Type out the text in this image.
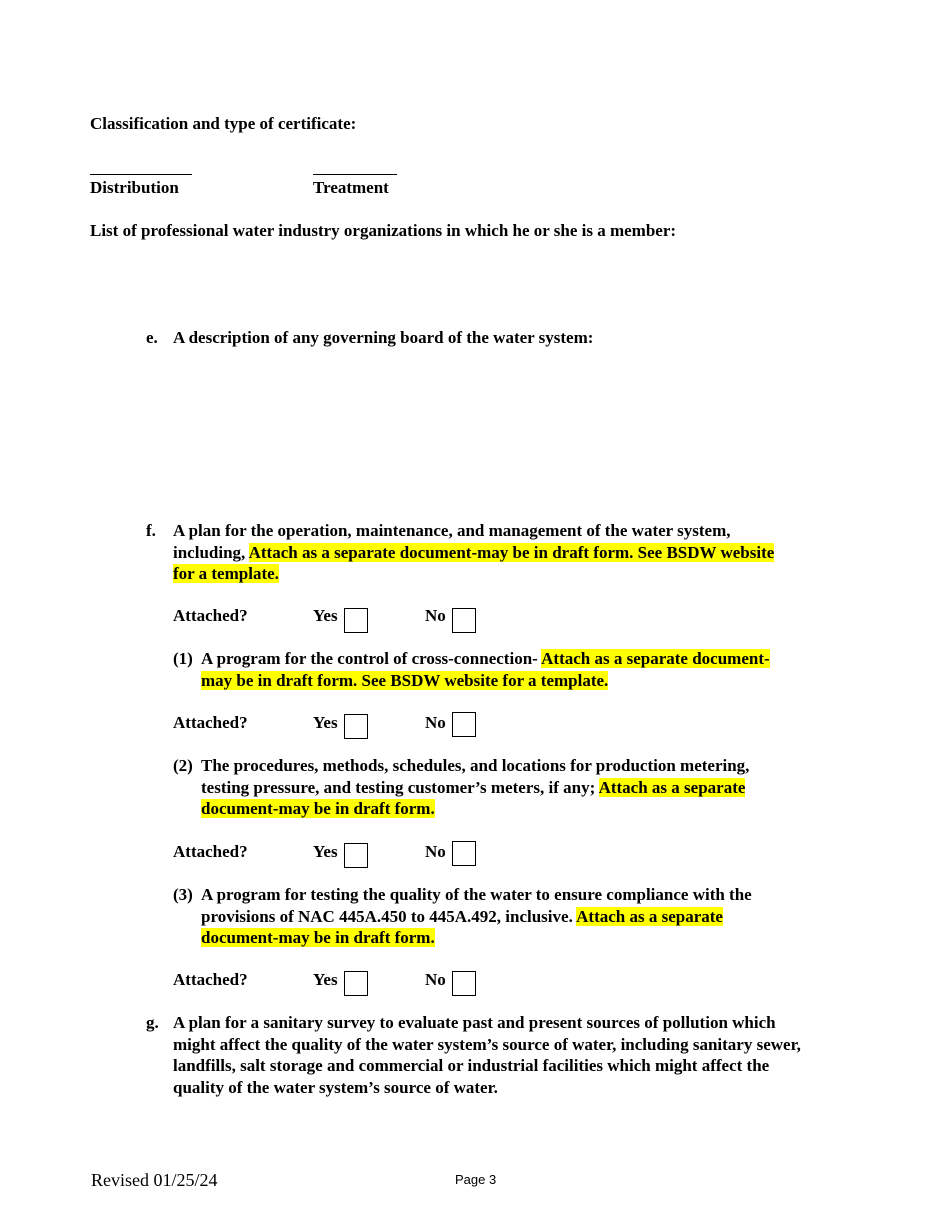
Classification and type of certificate:
Distribution	Treatment
List of professional water industry organizations in which he or she is a member:
e. A description of any governing board of the water system:
f. A plan for the operation, maintenance, and management of the water system, including, Attach as a separate document-may be in draft form. See BSDW website for a template.
Attached?	Yes	No
(1) A program for the control of cross-connection- Attach as a separate document-may be in draft form. See BSDW website for a template.
Attached?	Yes	No
(2) The procedures, methods, schedules, and locations for production metering, testing pressure, and testing customer’s meters, if any; Attach as a separate document-may be in draft form.
Attached?	Yes	No
(3) A program for testing the quality of the water to ensure compliance with the provisions of NAC 445A.450 to 445A.492, inclusive. Attach as a separate document-may be in draft form.
Attached?	Yes	No
g. A plan for a sanitary survey to evaluate past and present sources of pollution which might affect the quality of the water system’s source of water, including sanitary sewer, landfills, salt storage and commercial or industrial facilities which might affect the quality of the water system’s source of water.
Revised 01/25/24	Page 3
